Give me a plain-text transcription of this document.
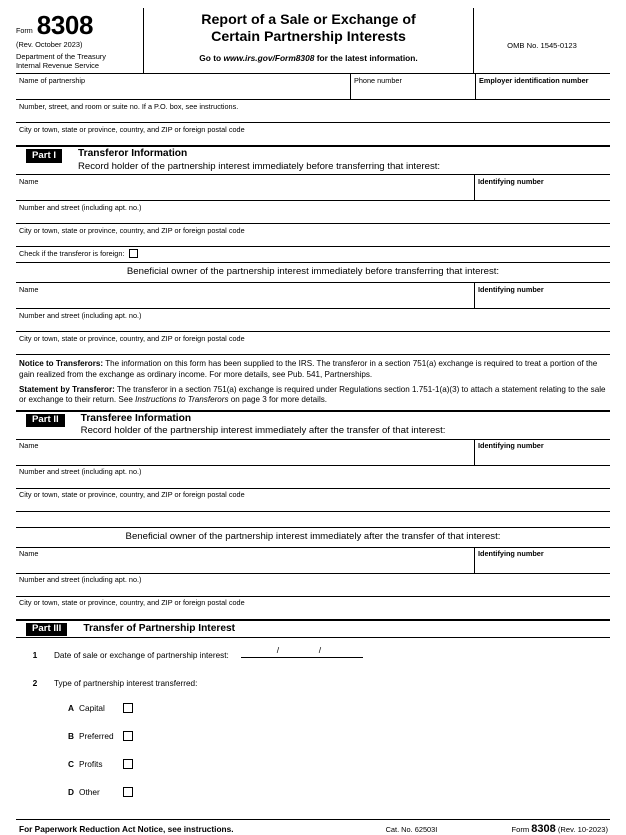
Form 8308
(Rev. October 2023)
Department of the Treasury
Internal Revenue Service
Report of a Sale or Exchange of
Certain Partnership Interests
Go to www.irs.gov/Form8308 for the latest information.
OMB No. 1545-0123
Name of partnership	Phone number	Employer identification number
Number, street, and room or suite no. If a P.O. box, see instructions.
City or town, state or province, country, and ZIP or foreign postal code
Part I	Transferor Information
Record holder of the partnership interest immediately before transferring that interest:
Name	Identifying number
Number and street (including apt. no.)
City or town, state or province, country, and ZIP or foreign postal code
Check if the transferor is foreign:
Beneficial owner of the partnership interest immediately before transferring that interest:
Name	Identifying number
Number and street (including apt. no.)
City or town, state or province, country, and ZIP or foreign postal code

Notice to Transferors: The information on this form has been supplied to the IRS. The transferor in a section 751(a) exchange is required to treat a portion of the gain realized from the exchange as ordinary income. For more details, see Pub. 541, Partnerships.

Statement by Transferor: The transferor in a section 751(a) exchange is required under Regulations section 1.751-1(a)(3) to attach a statement relating to the sale or exchange to their return. See Instructions to Transferors on page 3 for more details.

Part II	Transferee Information
Record holder of the partnership interest immediately after the transfer of that interest:
Name	Identifying number
Number and street (including apt. no.)
City or town, state or province, country, and ZIP or foreign postal code
Beneficial owner of the partnership interest immediately after the transfer of that interest:
Name	Identifying number
Number and street (including apt. no.)
City or town, state or province, country, and ZIP or foreign postal code
Part III	Transfer of Partnership Interest
1	Date of sale or exchange of partnership interest:
/	/
2	Type of partnership interest transferred:
A Capital
B Preferred
C Profits
D Other
For Paperwork Reduction Act Notice, see instructions.	Cat. No. 62503I	Form 8308 (Rev. 10-2023)
